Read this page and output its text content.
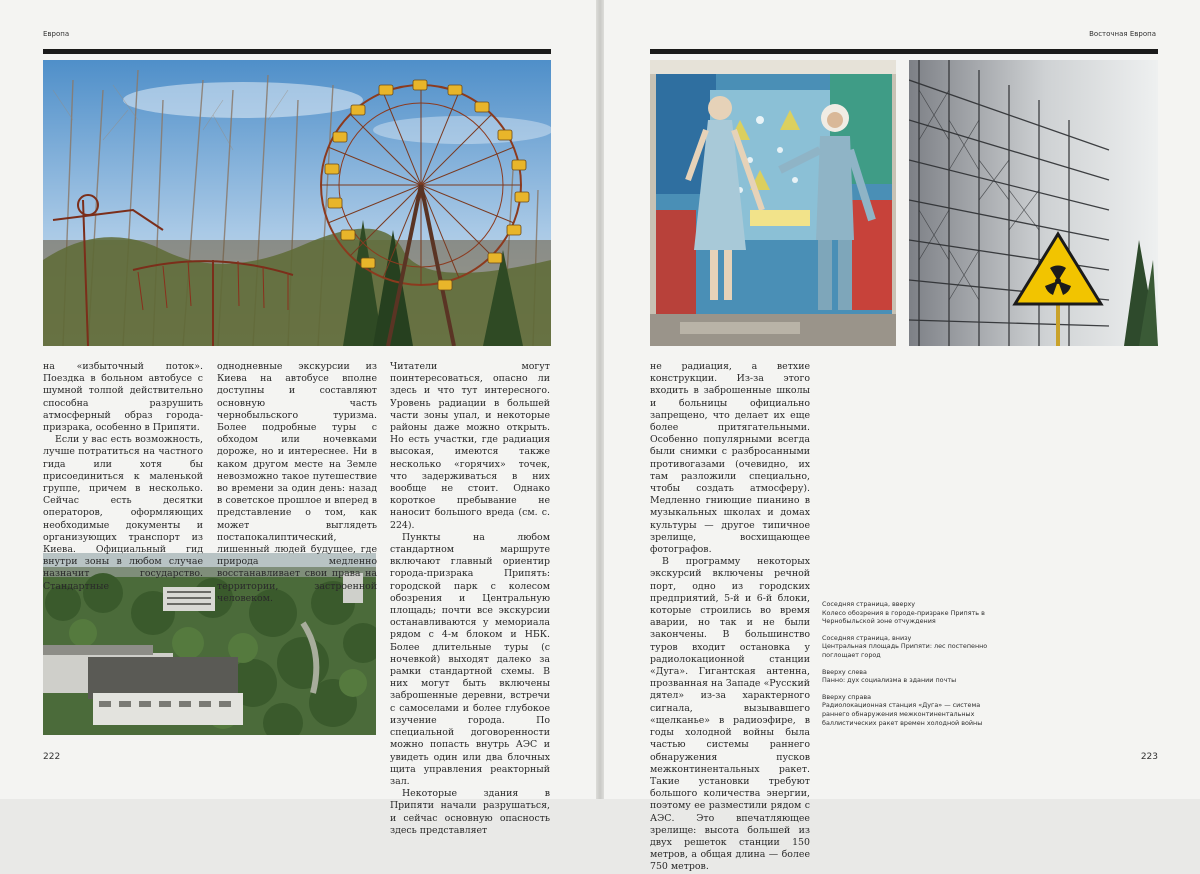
Европа	Восточная Европа

на «избыточный поток». Поездка в больном автобусе с шумной толпой действительно способна разрушить атмосферный образ города-призрака, особенно в Припяти.

Если у вас есть возможность, лучше потратиться на частного гида или хотя бы присоединиться к маленькой группе, причем в несколько. Сейчас есть десятки операторов, оформляющих необходимые документы и организующих транспорт из Киева. Официальный гид внутри зоны в любом случае назначит государство. Стандартные

однодневные экскурсии из Киева на автобусе вполне доступны и составляют основную часть чернобыльского туризма. Более подробные туры с обходом или ночевками дороже, но и интереснее. Ни в каком другом месте на Земле невозможно такое путешествие во времени за один день: назад в советское прошлое и вперед в представление о том, как может выглядеть постапокалиптический, лишенный людей будущее, где природа медленно восстанавливает свои права на территории, застроенной человеком.

Читатели могут поинтересоваться, опасно ли здесь и что тут интересного. Уровень радиации в большей части зоны упал, и некоторые районы даже можно открыть. Но есть участки, где радиация высокая, имеются также несколько «горячих» точек, что задерживаться в них вообще не стоит. Однако короткое пребывание не наносит большого вреда (см. с. 224).

Пункты на любом стандартном маршруте включают главный ориентир города-призрака Припять: городской парк с колесом обозрения и Центральную площадь; почти все экскурсии останавливаются у мемориала рядом с 4-м блоком и НБК. Более длительные туры (с ночевкой) выходят далеко за рамки стандартной схемы. В них могут быть включены заброшенные деревни, встречи с самоселами и более глубокое изучение города. По специальной договоренности можно попасть внутрь АЭС и увидеть один или два блочных щита управления реакторный зал.

Некоторые здания в Припяти начали разрушаться, и сейчас основную опасность здесь представляет

не радиация, а ветхие конструкции. Из-за этого входить в заброшенные школы и больницы официально запрещено, что делает их еще более притягательными. Особенно популярными всегда были снимки с разбросанными противогазами (очевидно, их там разложили специально, чтобы создать атмосферу). Медленно гниющие пианино в музыкальных школах и домах культуры — другое типичное зрелище, восхищающее фотографов.

В программу некоторых экскурсий включены речной порт, одно из городских предприятий, 5-й и 6-й блоки, которые строились во время аварии, но так и не были закончены. В большинство туров входит остановка у радиолокационной станции «Дуга». Гигантская антенна, прозванная на Западе «Русский дятел» из-за характерного сигнала, вызывавшего «щелканье» в радиоэфире, в годы холодной войны была частью системы раннего обнаружения пусков межконтинентальных ракет. Такие установки требуют большого количества энергии, поэтому ее разместили рядом с АЭС. Это впечатляющее зрелище: высота большей из двух решеток станции 150 метров, а общая длина — более 750 метров.

Соседняя страница, вверху
Колесо обозрения в городе-призраке Припять в Чернобыльской зоне отчуждения
Соседняя страница, внизу
Центральная площадь Припяти: лес постепенно поглощает город
Вверху слева
Панно: дух социализма в здании почты
Вверху справа
Радиолокационная станция «Дуга» — система раннего обнаружения межконтинентальных баллистических ракет времен холодной войны
222	223
